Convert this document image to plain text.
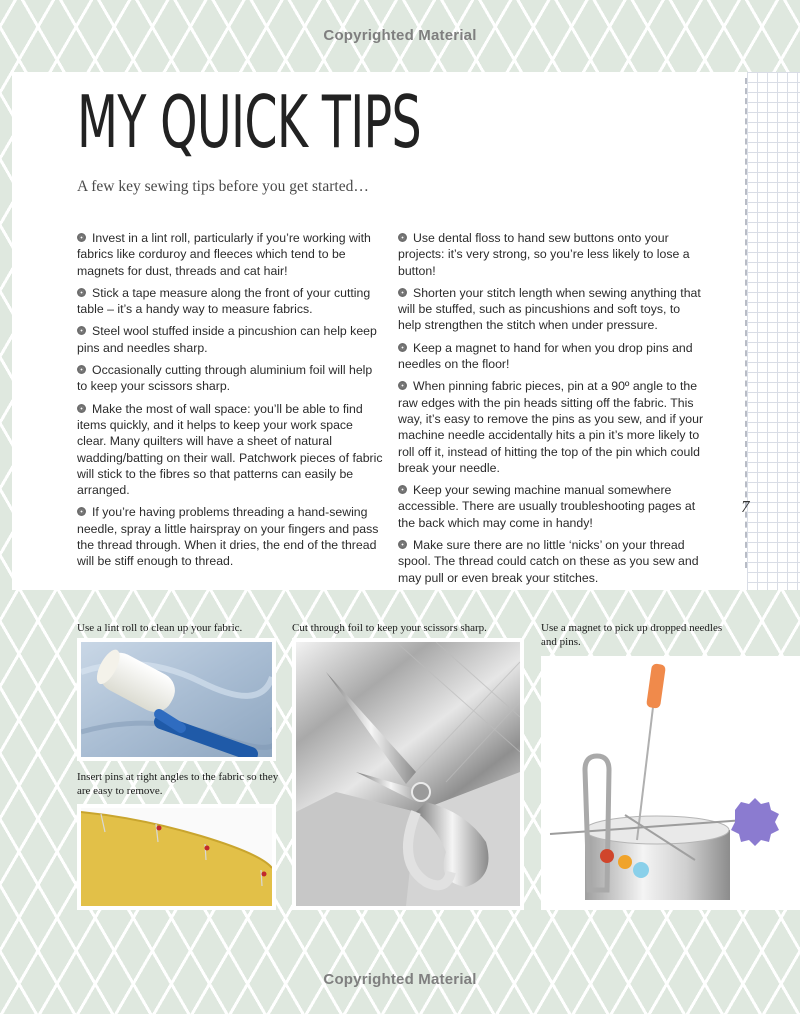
Copyrighted Material
7
MY QUICK TIPS
A few key sewing tips before you get started…

Invest in a lint roll, particularly if you’re working with fabrics like corduroy and fleeces which tend to be magnets for dust, threads and cat hair!

Stick a tape measure along the front of your cutting table – it’s a handy way to measure fabrics.

Steel wool stuffed inside a pincushion can help keep pins and needles sharp.

Occasionally cutting through aluminium foil will help to keep your scissors sharp.

Make the most of wall space: you’ll be able to find items quickly, and it helps to keep your work space clear. Many quilters will have a sheet of natural wadding/batting on their wall. Patchwork pieces of fabric will stick to the fibres so that patterns can easily be arranged.

If you’re having problems threading a hand-sewing needle, spray a little hairspray on your fingers and pass the thread through. When it dries, the end of the thread will be stiff enough to thread.

Use dental floss to hand sew buttons onto your projects: it’s very strong, so you’re less likely to lose a button!

Shorten your stitch length when sewing anything that will be stuffed, such as pincushions and soft toys, to help strengthen the stitch when under pressure.

Keep a magnet to hand for when you drop pins and needles on the floor!

When pinning fabric pieces, pin at a 90º angle to the raw edges with the pin heads sitting off the fabric. This way, it’s easy to remove the pins as you sew, and if your machine needle accidentally hits a pin it’s more likely to roll off it, instead of hitting the top of the pin which could break your needle.

Keep your sewing machine manual somewhere accessible. There are usually troubleshooting pages at the back which may come in handy!

Make sure there are no little ‘nicks’ on your thread spool. The thread could catch on these as you sew and may pull or even break your stitches.

Use a lint roll to clean up your fabric.	Cut through foil to keep your scissors sharp.	Use a magnet to pick up dropped needles and pins.
Insert pins at right angles to the fabric so they are easy to remove.
Copyrighted Material
